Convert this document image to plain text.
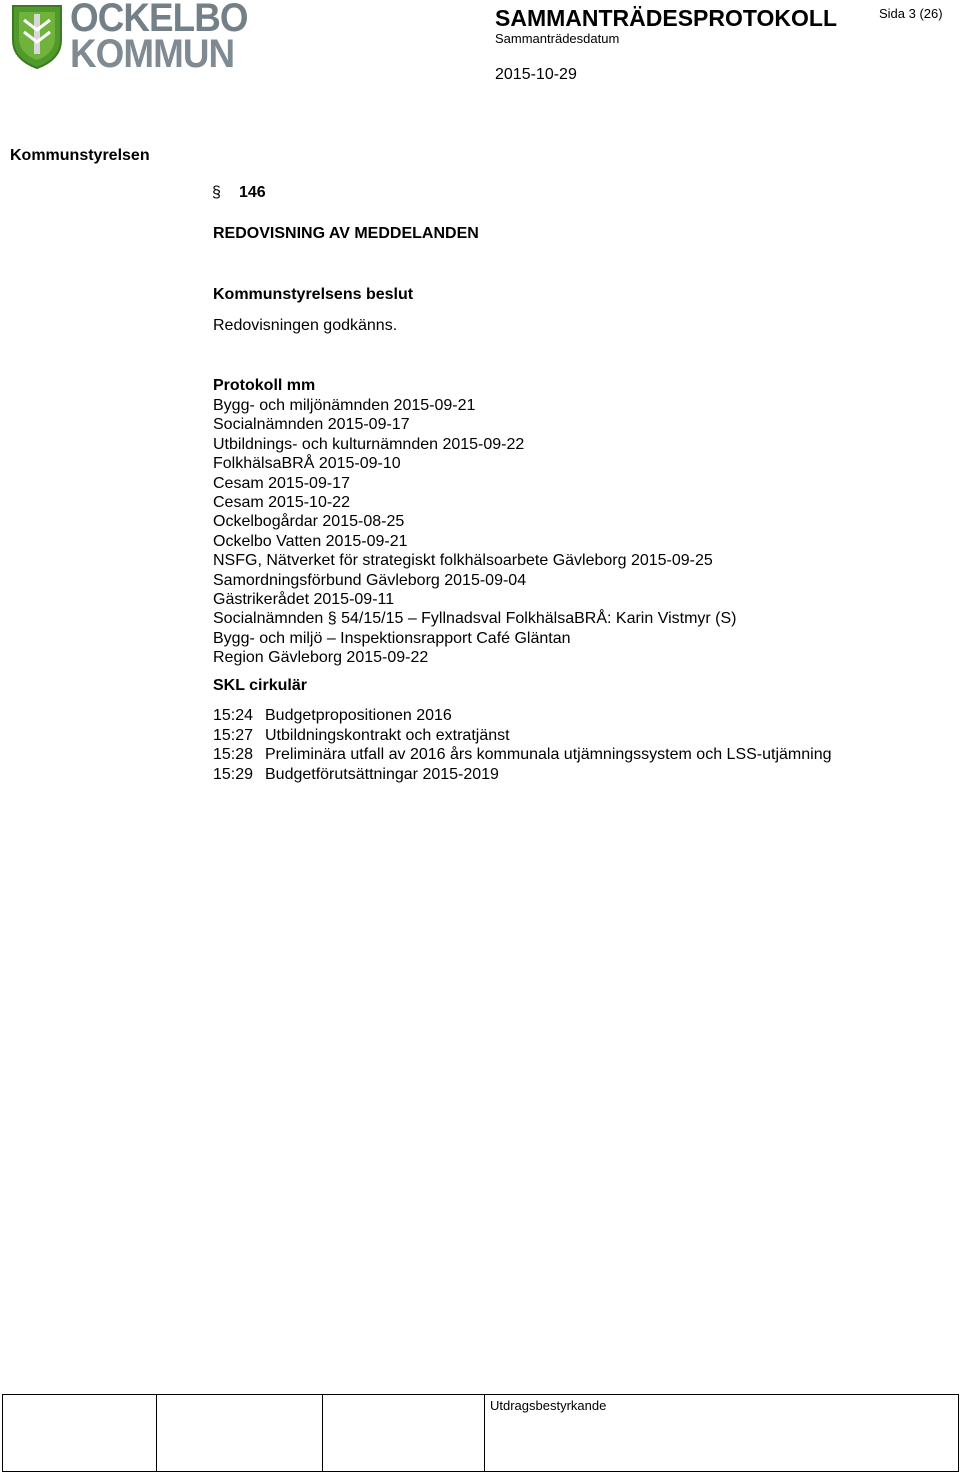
OCKELBO
KOMMUN
SAMMANTRÄDESPROTOKOLL	Sida 3 (26)
Sammanträdesdatum
2015-10-29
Kommunstyrelsen
§ 146
REDOVISNING AV MEDDELANDEN
Kommunstyrelsens beslut
Redovisningen godkänns.
Protokoll mm
Bygg- och miljönämnden 2015-09-21
Socialnämnden 2015-09-17
Utbildnings- och kulturnämnden 2015-09-22
FolkhälsaBRÅ 2015-09-10
Cesam 2015-09-17
Cesam 2015-10-22
Ockelbogårdar 2015-08-25
Ockelbo Vatten 2015-09-21
NSFG, Nätverket för strategiskt folkhälsoarbete Gävleborg 2015-09-25
Samordningsförbund Gävleborg 2015-09-04
Gästrikerådet 2015-09-11
Socialnämnden § 54/15/15 – Fyllnadsval FolkhälsaBRÅ: Karin Vistmyr (S)
Bygg- och miljö – Inspektionsrapport Café Gläntan
Region Gävleborg 2015-09-22
SKL cirkulär
15:24 Budgetpropositionen 2016
15:27 Utbildningskontrakt och extratjänst
15:28 Preliminära utfall av 2016 års kommunala utjämningssystem och LSS-utjämning
15:29 Budgetförutsättningar 2015-2019

Utdragsbestyrkande
